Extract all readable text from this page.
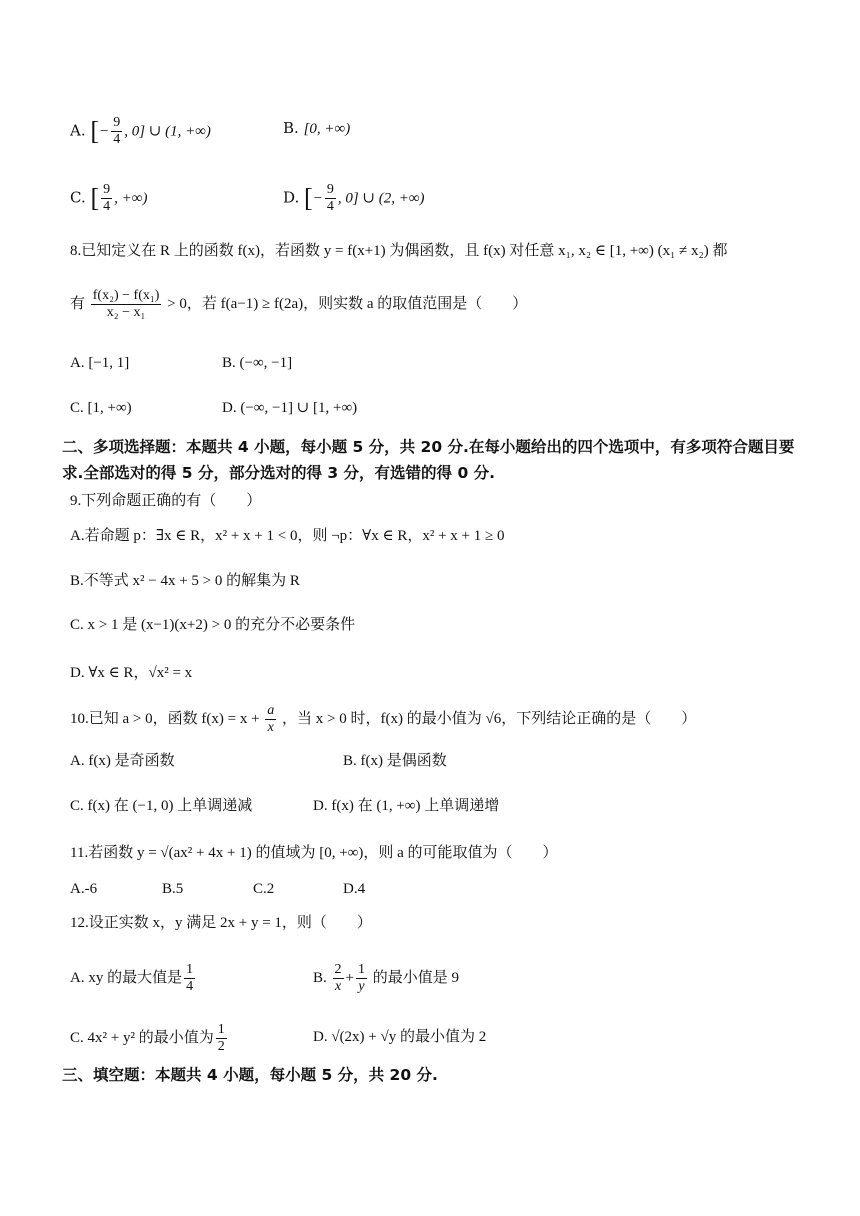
A. [− $\frac{9}{4}$ , 0] ∪ (1, +∞)	B. [0, +∞)
C. [ $\frac{9}{4}$ , +∞)	D. [− $\frac{9}{4}$ , 0] ∪ (2, +∞)
8.已知定义在 R 上的函数 f(x)，若函数 y = f(x+1) 为偶函数，且 f(x) 对任意 x₁, x₂ ∈ [1, +∞) (x₁ ≠ x₂) 都
有 $\frac{\text{f(x₂) − f(x₁)}}{\text{x₂ − x₁}} > 0$，若 f(a−1) ≥ f(2a)，则实数 a 的取值范围是（　　）
A. [−1, 1]	B. (−∞, −1]
C. [1, +∞)	D. (−∞, −1] ∪ [1, +∞)
二、多项选择题：本题共 4 小题，每小题 5 分，共 20 分.在每小题给出的四个选项中，有多项符合题目要求.全部选对的得 5 分，部分选对的得 3 分，有选错的得 0 分.
9.下列命题正确的有（　　）
A.若命题 p：∃x ∈ R，x² + x + 1 < 0，则 ¬p：∀x ∈ R，x² + x + 1 ≥ 0
B.不等式 x² − 4x + 5 > 0 的解集为 R
C. x > 1 是 (x−1)(x+2) > 0 的充分不必要条件
D. ∀x ∈ R，√x² = x
10.已知 a > 0，函数 $f(x) = x + \frac{a}{x}$ ，当 x > 0 时，f(x) 的最小值为 √6，下列结论正确的是（　　）
A. f(x) 是奇函数	B. f(x) 是偶函数
C. f(x) 在 (−1, 0) 上单调递减	D. f(x) 在 (1, +∞) 上单调递增
11.若函数 y = √(ax² + 4x + 1) 的值域为 [0, +∞)，则 a 的可能取值为（　　）
A.-6	B.5	C.2	D.4
12.设正实数 x，y 满足 2x + y = 1，则（　　）
A. xy 的最大值是 $\frac{1}{4}$	B. $\frac{2}{x} + \frac{1}{y}$ 的最小值是 9
C. 4x² + y² 的最小值为 $\frac{1}{2}$	D. √(2x) + √y 的最小值为 2
三、填空题：本题共 4 小题，每小题 5 分，共 20 分.
